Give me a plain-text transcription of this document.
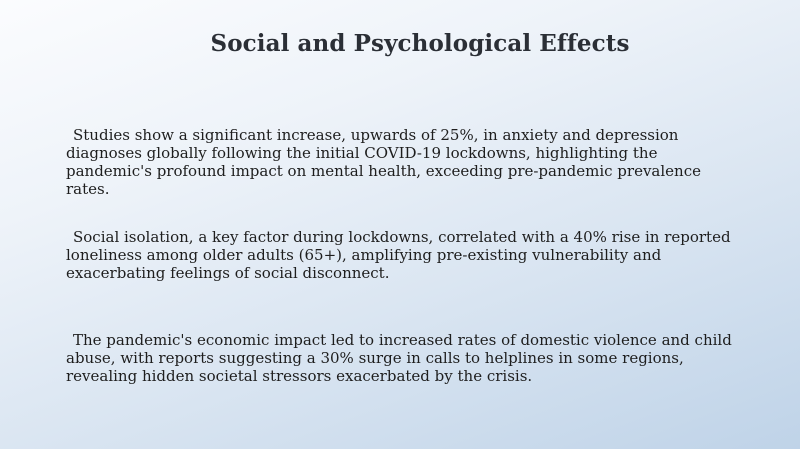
Social and Psychological Effects

Studies show a significant increase, upwards of 25%, in anxiety and depression diagnoses globally following the initial COVID-19 lockdowns, highlighting the pandemic's profound impact on mental health, exceeding pre-pandemic prevalence rates.

Social isolation, a key factor during lockdowns, correlated with a 40% rise in reported loneliness among older adults (65+), amplifying pre-existing vulnerability and exacerbating feelings of social disconnect.

The pandemic's economic impact led to increased rates of domestic violence and child abuse, with reports suggesting a 30% surge in calls to helplines in some regions, revealing hidden societal stressors exacerbated by the crisis.
